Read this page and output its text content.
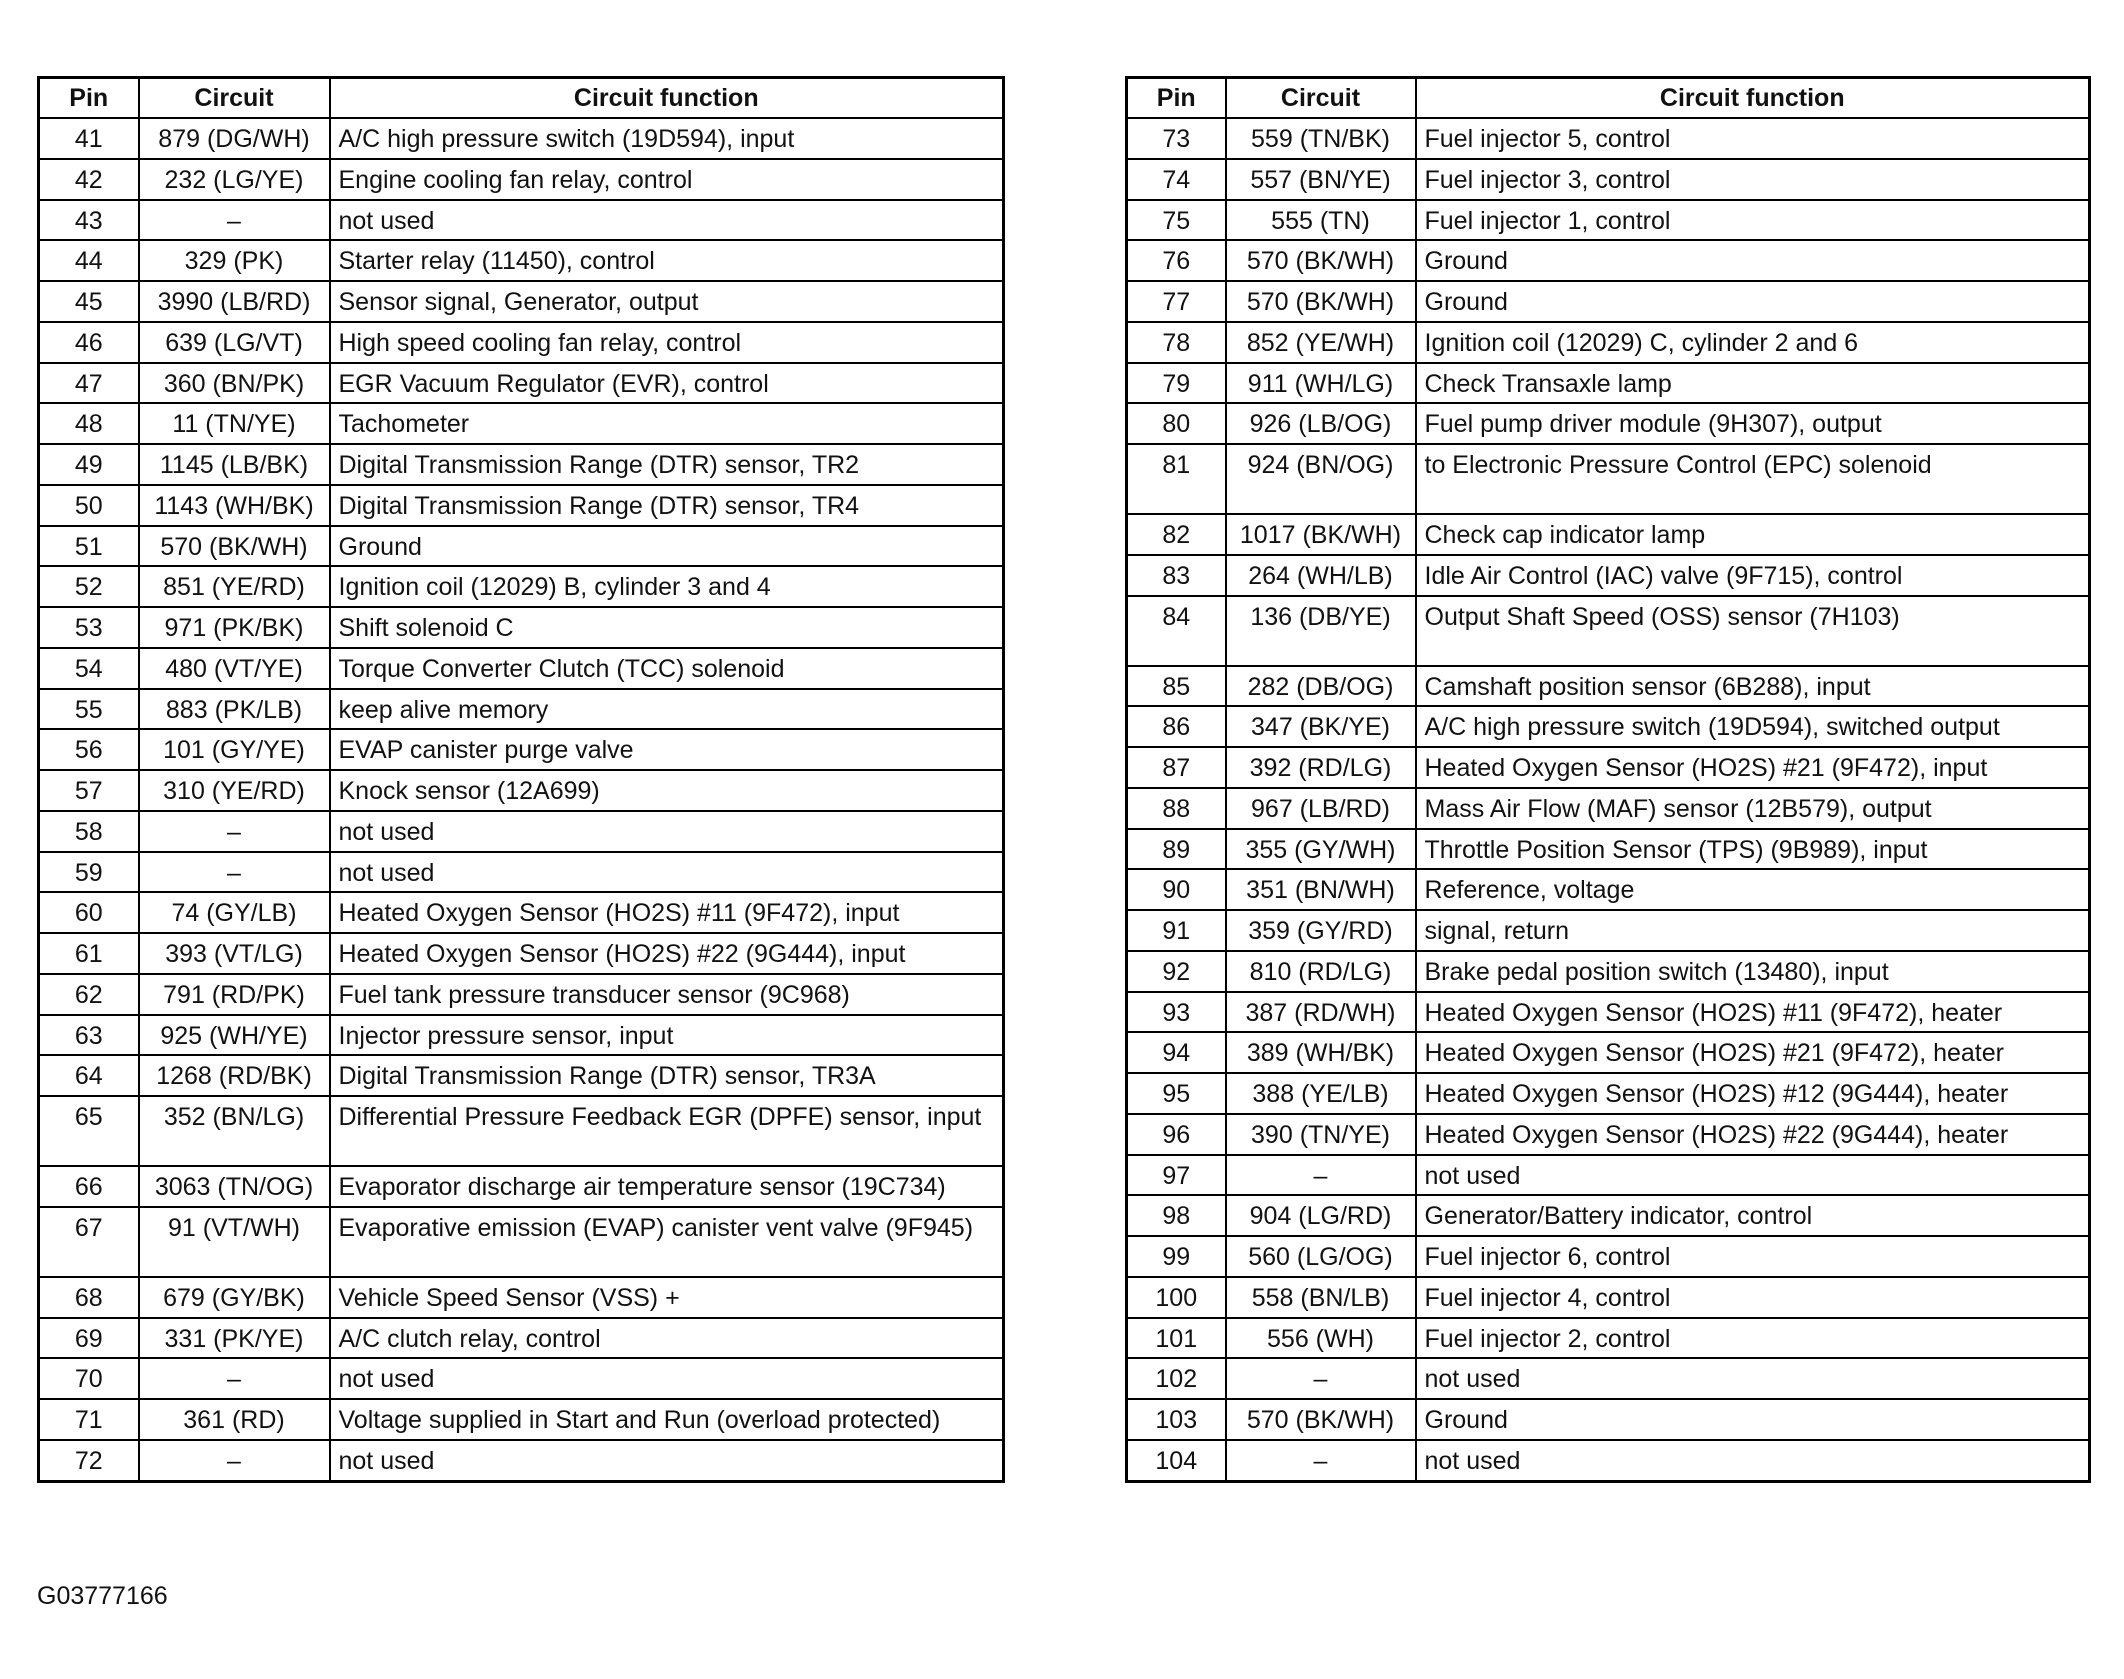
Pin	Circuit	Circuit function
41	879 (DG/WH)	A/C high pressure switch (19D594), input
42	232 (LG/YE)	Engine cooling fan relay, control
43	–	not used
44	329 (PK)	Starter relay (11450), control
45	3990 (LB/RD)	Sensor signal, Generator, output
46	639 (LG/VT)	High speed cooling fan relay, control
47	360 (BN/PK)	EGR Vacuum Regulator (EVR), control
48	11 (TN/YE)	Tachometer
49	1145 (LB/BK)	Digital Transmission Range (DTR) sensor, TR2
50	1143 (WH/BK)	Digital Transmission Range (DTR) sensor, TR4
51	570 (BK/WH)	Ground
52	851 (YE/RD)	Ignition coil (12029) B, cylinder 3 and 4
53	971 (PK/BK)	Shift solenoid C
54	480 (VT/YE)	Torque Converter Clutch (TCC) solenoid
55	883 (PK/LB)	keep alive memory
56	101 (GY/YE)	EVAP canister purge valve
57	310 (YE/RD)	Knock sensor (12A699)
58	–	not used
59	–	not used
60	74 (GY/LB)	Heated Oxygen Sensor (HO2S) #11 (9F472), input
61	393 (VT/LG)	Heated Oxygen Sensor (HO2S) #22 (9G444), input
62	791 (RD/PK)	Fuel tank pressure transducer sensor (9C968)
63	925 (WH/YE)	Injector pressure sensor, input
64	1268 (RD/BK)	Digital Transmission Range (DTR) sensor, TR3A
65	352 (BN/LG)	Differential Pressure Feedback EGR (DPFE) sensor, input
66	3063 (TN/OG)	Evaporator discharge air temperature sensor (19C734)
67	91 (VT/WH)	Evaporative emission (EVAP) canister vent valve (9F945)
68	679 (GY/BK)	Vehicle Speed Sensor (VSS) +
69	331 (PK/YE)	A/C clutch relay, control
70	–	not used
71	361 (RD)	Voltage supplied in Start and Run (overload protected)
72	–	not used
Pin	Circuit	Circuit function
73	559 (TN/BK)	Fuel injector 5, control
74	557 (BN/YE)	Fuel injector 3, control
75	555 (TN)	Fuel injector 1, control
76	570 (BK/WH)	Ground
77	570 (BK/WH)	Ground
78	852 (YE/WH)	Ignition coil (12029) C, cylinder 2 and 6
79	911 (WH/LG)	Check Transaxle lamp
80	926 (LB/OG)	Fuel pump driver module (9H307), output
81	924 (BN/OG)	to Electronic Pressure Control (EPC) solenoid
82	1017 (BK/WH)	Check cap indicator lamp
83	264 (WH/LB)	Idle Air Control (IAC) valve (9F715), control
84	136 (DB/YE)	Output Shaft Speed (OSS) sensor (7H103)
85	282 (DB/OG)	Camshaft position sensor (6B288), input
86	347 (BK/YE)	A/C high pressure switch (19D594), switched output
87	392 (RD/LG)	Heated Oxygen Sensor (HO2S) #21 (9F472), input
88	967 (LB/RD)	Mass Air Flow (MAF) sensor (12B579), output
89	355 (GY/WH)	Throttle Position Sensor (TPS) (9B989), input
90	351 (BN/WH)	Reference, voltage
91	359 (GY/RD)	signal, return
92	810 (RD/LG)	Brake pedal position switch (13480), input
93	387 (RD/WH)	Heated Oxygen Sensor (HO2S) #11 (9F472), heater
94	389 (WH/BK)	Heated Oxygen Sensor (HO2S) #21 (9F472), heater
95	388 (YE/LB)	Heated Oxygen Sensor (HO2S) #12 (9G444), heater
96	390 (TN/YE)	Heated Oxygen Sensor (HO2S) #22 (9G444), heater
97	–	not used
98	904 (LG/RD)	Generator/Battery indicator, control
99	560 (LG/OG)	Fuel injector 6, control
100	558 (BN/LB)	Fuel injector 4, control
101	556 (WH)	Fuel injector 2, control
102	–	not used
103	570 (BK/WH)	Ground
104	–	not used
G03777166
